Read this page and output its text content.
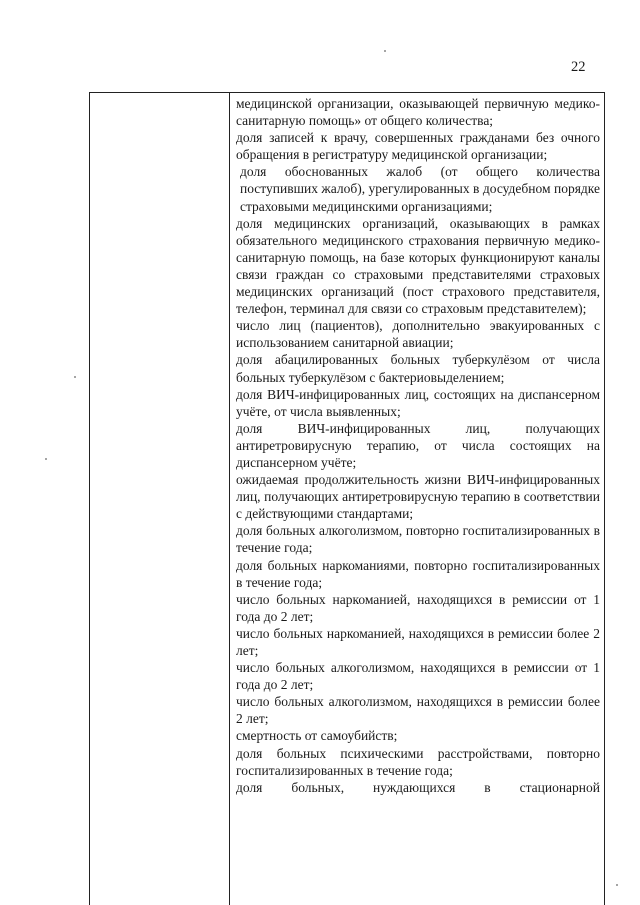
22

медицинской организации, оказывающей первичную медико-санитарную помощь» от общего количества;

доля записей к врачу, совершенных гражданами без очного обращения в регистратуру медицинской организации;

доля обоснованных жалоб (от общего количества поступивших жалоб), урегулированных в досудебном порядке страховыми медицинскими организациями;

доля медицинских организаций, оказывающих в рамках обязательного медицинского страхования первичную медико-санитарную помощь, на базе которых функционируют каналы связи граждан со страховыми представителями страховых медицинских организаций (пост страхового представителя, телефон, терминал для связи со страховым представителем);

число лиц (пациентов), дополнительно эвакуированных с использованием санитарной авиации;

доля абацилированных больных туберкулёзом от числа больных туберкулёзом с бактериовыделением;

доля ВИЧ-инфицированных лиц, состоящих на диспансерном учёте, от числа выявленных;

доля ВИЧ-инфицированных лиц, получающих антиретровирусную терапию, от числа состоящих на диспансерном учёте;

ожидаемая продолжительность жизни ВИЧ-инфицированных лиц, получающих антиретровирусную терапию в соответствии с действующими стандартами;

доля больных алкоголизмом, повторно госпитализированных в течение года;

доля больных наркоманиями, повторно госпитализированных в течение года;

число больных наркоманией, находящихся в ремиссии от 1 года до 2 лет;

число больных наркоманией, находящихся в ремиссии более 2 лет;

число больных алкоголизмом, находящихся в ремиссии от 1 года до 2 лет;

число больных алкоголизмом, находящихся в ремиссии более 2 лет;

смертность от самоубийств;

доля больных психическими расстройствами, повторно госпитализированных в течение года;

доля больных, нуждающихся в стационарной
